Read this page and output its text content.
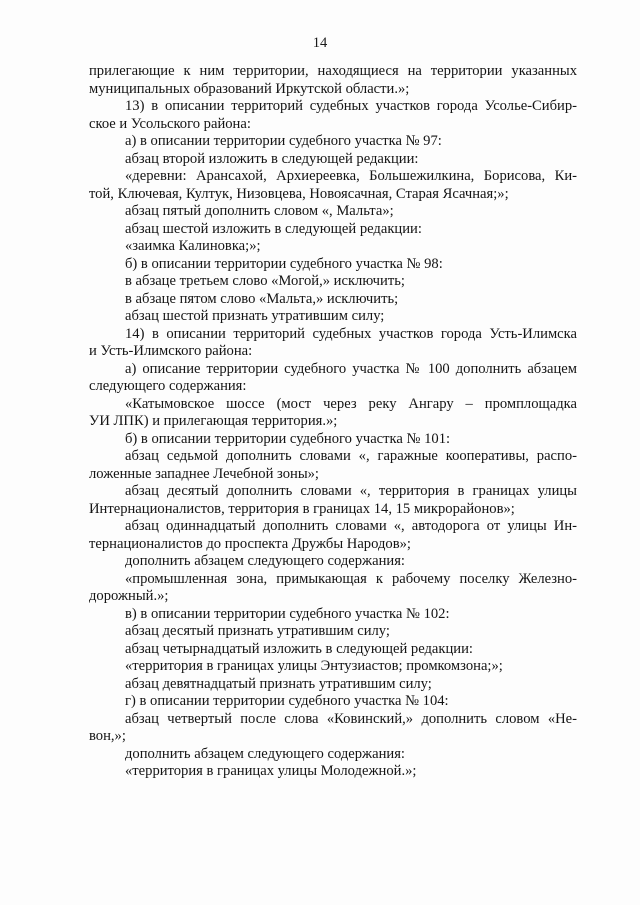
14
прилегающие к ним территории, находящиеся на территории указанных
муниципальных образований Иркутской области.»;
13) в описании территорий судебных участков города Усолье-Сибир-
ское и Усольского района:
а) в описании территории судебного участка № 97:
абзац второй изложить в следующей редакции:
«деревни: Арансахой, Архиереевка, Большежилкина, Борисова, Ки-
той, Ключевая, Култук, Низовцева, Новоясачная, Старая Ясачная;»;
абзац пятый дополнить словом «, Мальта»;
абзац шестой изложить в следующей редакции:
«заимка Калиновка;»;
б) в описании территории судебного участка № 98:
в абзаце третьем слово «Могой,» исключить;
в абзаце пятом слово «Мальта,» исключить;
абзац шестой признать утратившим силу;
14) в описании территорий судебных участков города Усть-Илимска
и Усть-Илимского района:
а) описание территории судебного участка № 100 дополнить абзацем
следующего содержания:
«Катымовское шоссе (мост через реку Ангару – промплощадка
УИ ЛПК) и прилегающая территория.»;
б) в описании территории судебного участка № 101:
абзац седьмой дополнить словами «, гаражные кооперативы, распо-
ложенные западнее Лечебной зоны»;
абзац десятый дополнить словами «, территория в границах улицы
Интернационалистов, территория в границах 14, 15 микрорайонов»;
абзац одиннадцатый дополнить словами «, автодорога от улицы Ин-
тернационалистов до проспекта Дружбы Народов»;
дополнить абзацем следующего содержания:
«промышленная зона, примыкающая к рабочему поселку Железно-
дорожный.»;
в) в описании территории судебного участка № 102:
абзац десятый признать утратившим силу;
абзац четырнадцатый изложить в следующей редакции:
«территория в границах улицы Энтузиастов; промкомзона;»;
абзац девятнадцатый признать утратившим силу;
г) в описании территории судебного участка № 104:
абзац четвертый после слова «Ковинский,» дополнить словом «Не-
вон,»;
дополнить абзацем следующего содержания:
«территория в границах улицы Молодежной.»;
